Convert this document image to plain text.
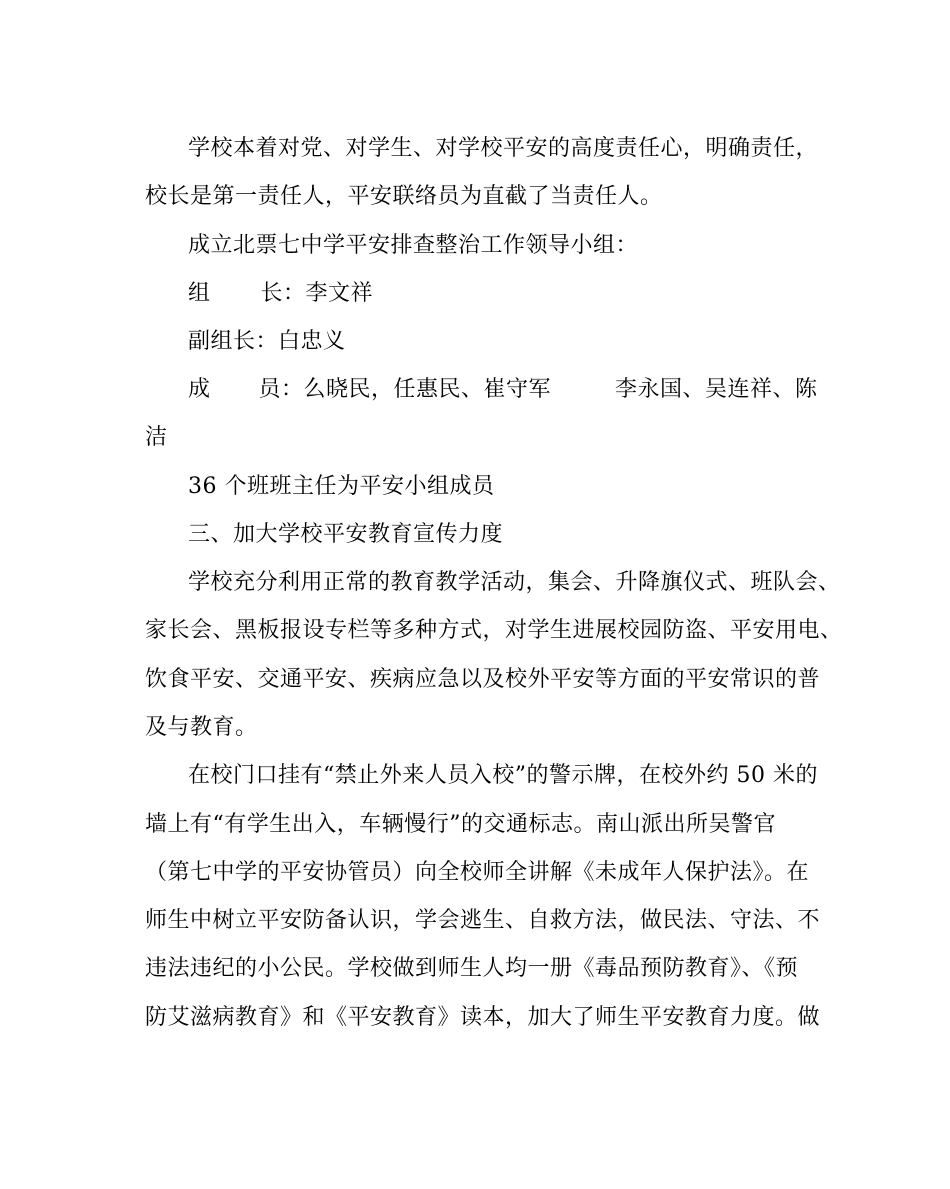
学校本着对党、对学生、对学校平安的高度责任心，明确责任，
校长是第一责任人，平安联络员为直截了当责任人。
成立北票七中学平安排查整治工作领导小组：
组 长：李文祥
副组长：白忠义
成 员：么晓民，任惠民、崔守军	李永国、吴连祥、陈
洁
36 个班班主任为平安小组成员
三、加大学校平安教育宣传力度
学校充分利用正常的教育教学活动，集会、升降旗仪式、班队会、
家长会、黑板报设专栏等多种方式，对学生进展校园防盗、平安用电、
饮食平安、交通平安、疾病应急以及校外平安等方面的平安常识的普
及与教育。
在校门口挂有“禁止外来人员入校”的警示牌，在校外约 50 米的
墙上有“有学生出入，车辆慢行”的交通标志。南山派出所吴警官
（第七中学的平安协管员）向全校师全讲解《未成年人保护法》。在
师生中树立平安防备认识，学会逃生、自救方法，做民法、守法、不
违法违纪的小公民。学校做到师生人均一册《毒品预防教育》、《预
防艾滋病教育》和《平安教育》读本，加大了师生平安教育力度。做
